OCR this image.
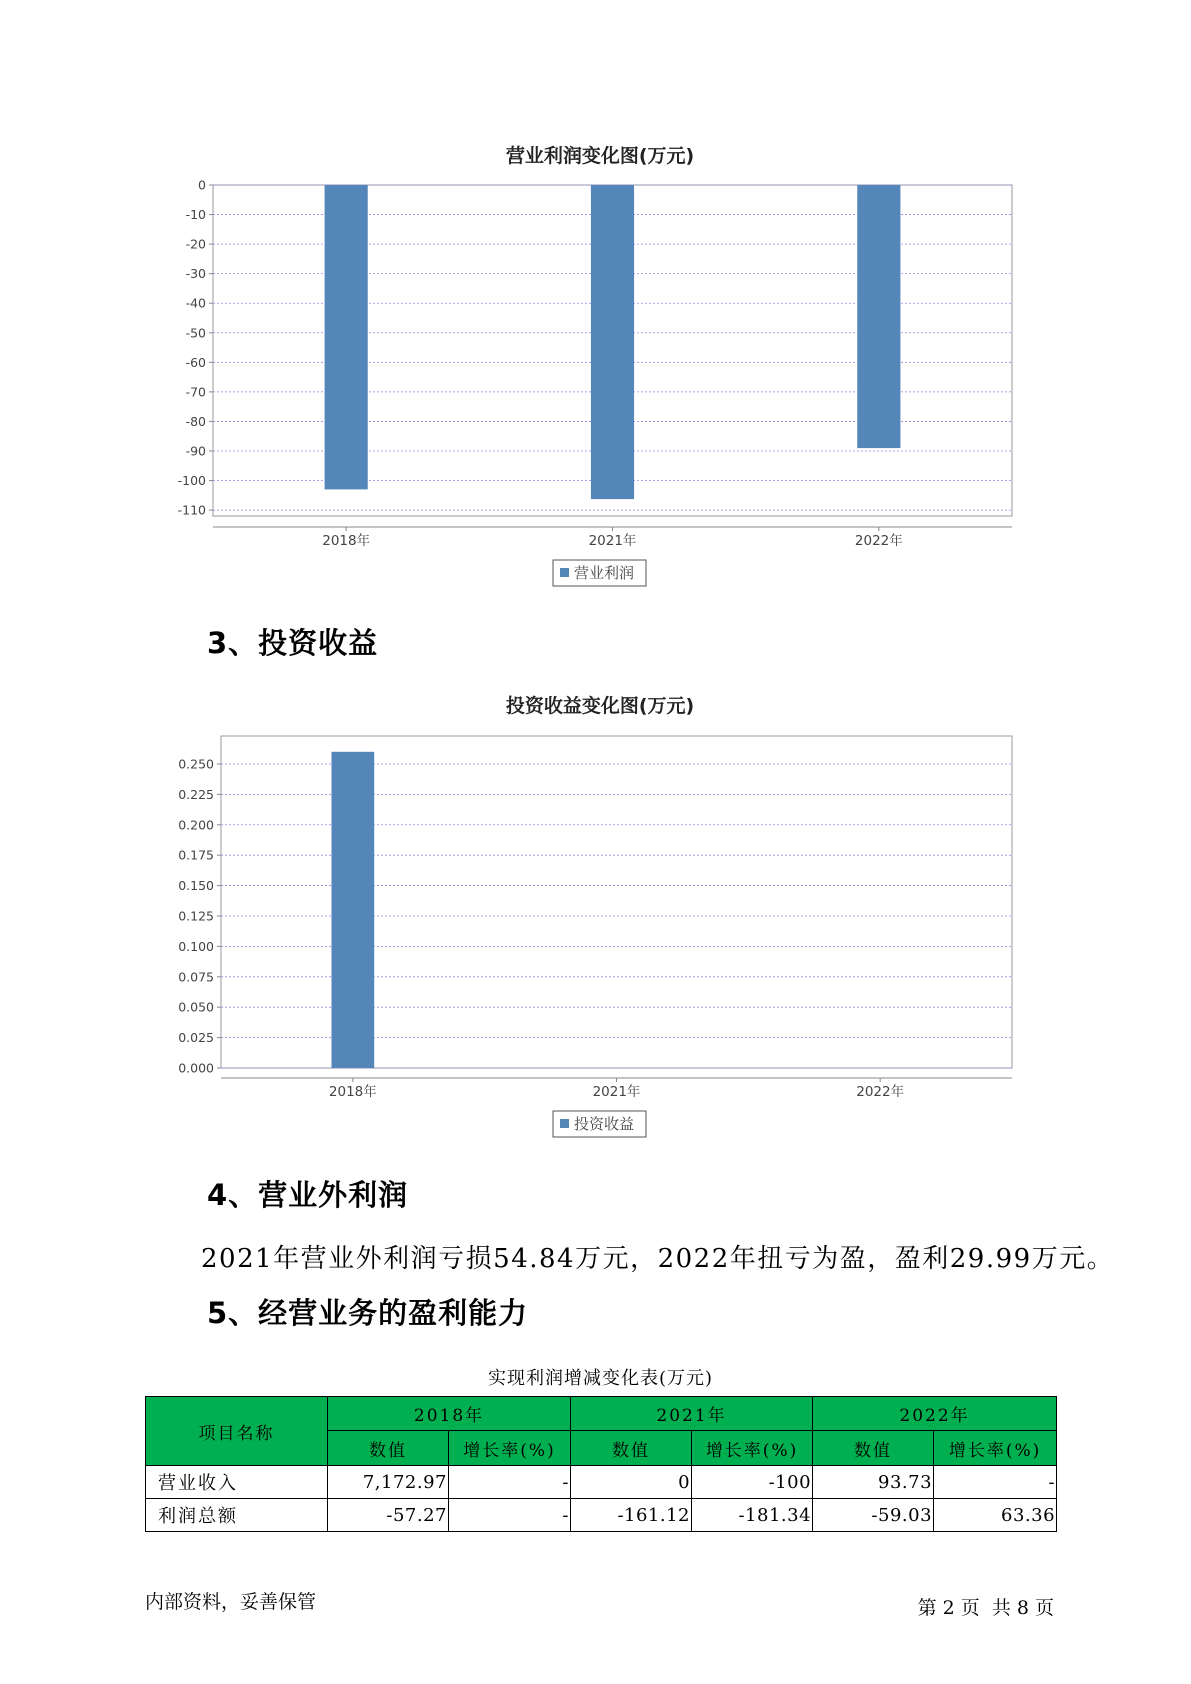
营业利润变化图(万元)
0
-10
-20
-30
-40
-50
-60
-70
-80
-90
-100
-110
2018年	2021年	2022年
营业利润
3、投资收益
投资收益变化图(万元)
0.000
0.025
0.050
0.075
0.100
0.125
0.150
0.175
0.200
0.225
0.250
2018年	2021年	2022年
投资收益
4、营业外利润

2021年营业外利润亏损54.84万元，2022年扭亏为盈，盈利29.99万元。

5、经营业务的盈利能力
实现利润增减变化表(万元)
项目名称	2018年		2021年		2022年	
	数值	增长率(%)	数值	增长率(%)	数值	增长率(%)
营业收入	7,172.97	-	0	-100	93.73	-
利润总额	-57.27	-	-161.12	-181.34	-59.03	63.36
内部资料，妥善保管	第 2 页  共 8 页
